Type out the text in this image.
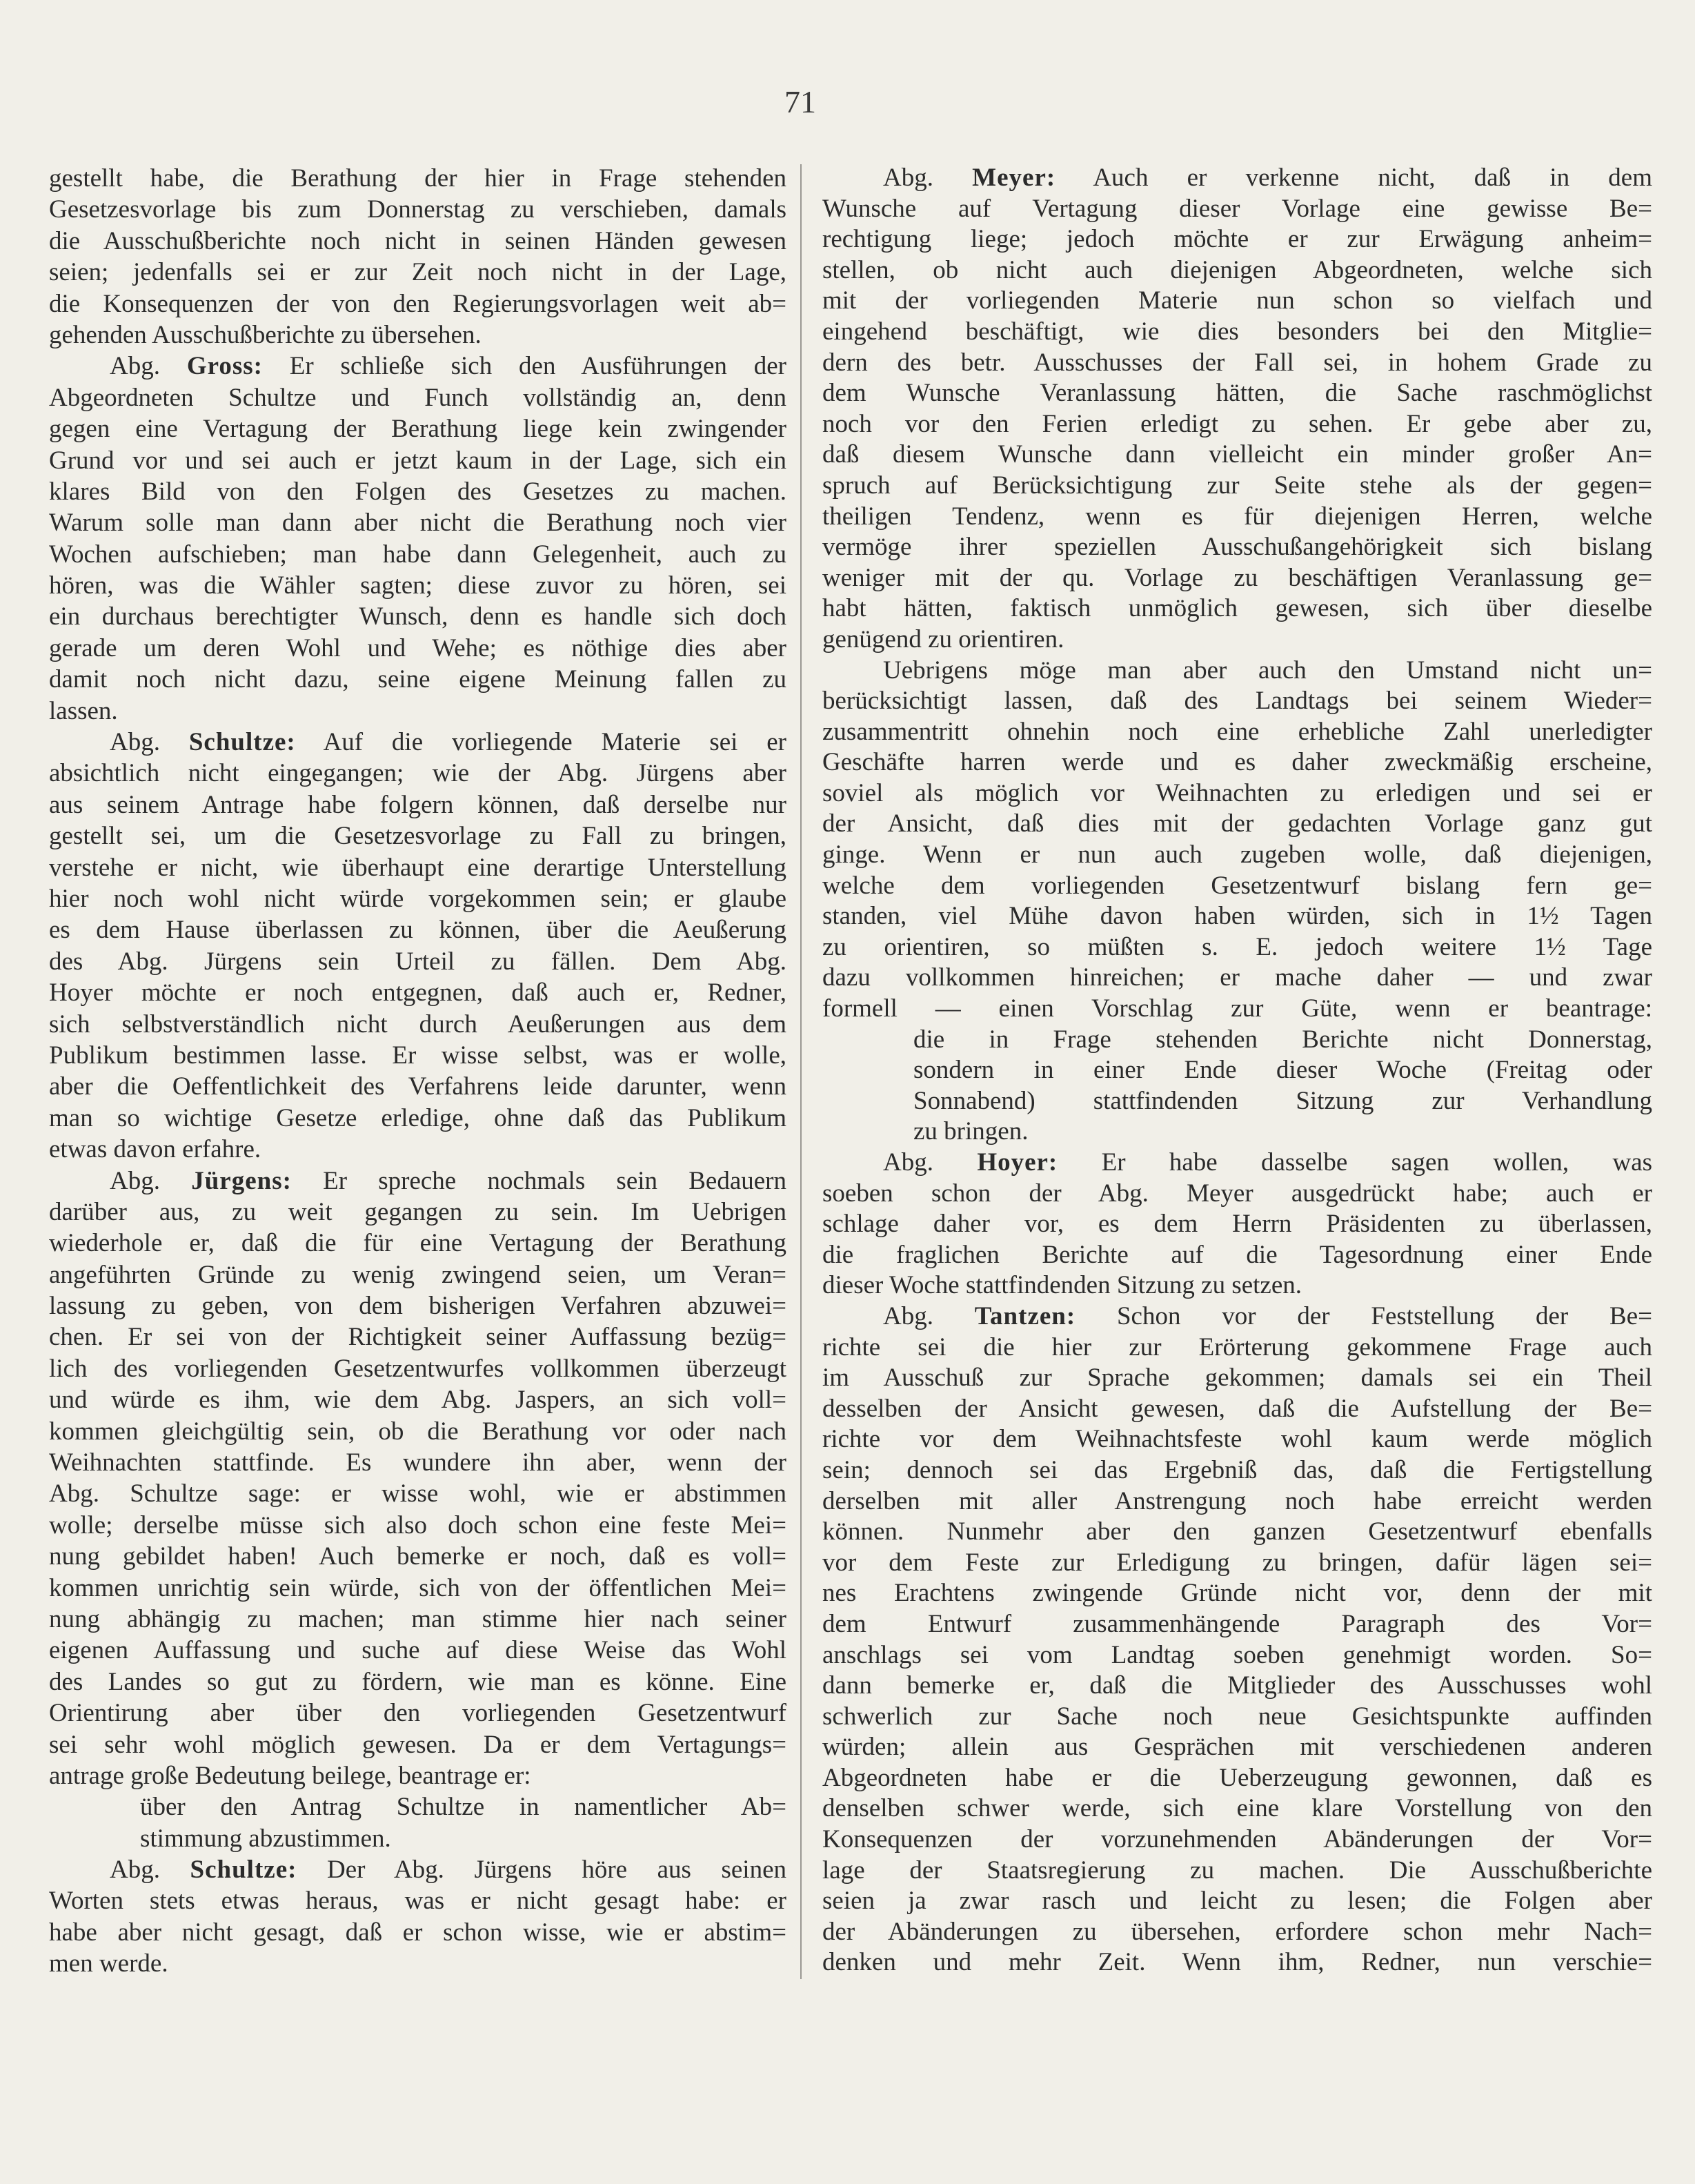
71
gestellt habe, die Berathung der hier in Frage stehenden
Gesetzesvorlage bis zum Donnerstag zu verschieben, damals
die Ausschußberichte noch nicht in seinen Händen gewesen
seien; jedenfalls sei er zur Zeit noch nicht in der Lage,
die Konsequenzen der von den Regierungsvorlagen weit ab=
gehenden Ausschußberichte zu übersehen.
Abg. Gross: Er schließe sich den Ausführungen der
Abgeordneten Schultze und Funch vollständig an, denn
gegen eine Vertagung der Berathung liege kein zwingender
Grund vor und sei auch er jetzt kaum in der Lage, sich ein
klares Bild von den Folgen des Gesetzes zu machen.
Warum solle man dann aber nicht die Berathung noch vier
Wochen aufschieben; man habe dann Gelegenheit, auch zu
hören, was die Wähler sagten; diese zuvor zu hören, sei
ein durchaus berechtigter Wunsch, denn es handle sich doch
gerade um deren Wohl und Wehe; es nöthige dies aber
damit noch nicht dazu, seine eigene Meinung fallen zu
lassen.
Abg. Schultze: Auf die vorliegende Materie sei er
absichtlich nicht eingegangen; wie der Abg. Jürgens aber
aus seinem Antrage habe folgern können, daß derselbe nur
gestellt sei, um die Gesetzesvorlage zu Fall zu bringen,
verstehe er nicht, wie überhaupt eine derartige Unterstellung
hier noch wohl nicht würde vorgekommen sein; er glaube
es dem Hause überlassen zu können, über die Aeußerung
des Abg. Jürgens sein Urteil zu fällen. Dem Abg.
Hoyer möchte er noch entgegnen, daß auch er, Redner,
sich selbstverständlich nicht durch Aeußerungen aus dem
Publikum bestimmen lasse. Er wisse selbst, was er wolle,
aber die Oeffentlichkeit des Verfahrens leide darunter, wenn
man so wichtige Gesetze erledige, ohne daß das Publikum
etwas davon erfahre.
Abg. Jürgens: Er spreche nochmals sein Bedauern
darüber aus, zu weit gegangen zu sein. Im Uebrigen
wiederhole er, daß die für eine Vertagung der Berathung
angeführten Gründe zu wenig zwingend seien, um Veran=
lassung zu geben, von dem bisherigen Verfahren abzuwei=
chen. Er sei von der Richtigkeit seiner Auffassung bezüg=
lich des vorliegenden Gesetzentwurfes vollkommen überzeugt
und würde es ihm, wie dem Abg. Jaspers, an sich voll=
kommen gleichgültig sein, ob die Berathung vor oder nach
Weihnachten stattfinde. Es wundere ihn aber, wenn der
Abg. Schultze sage: er wisse wohl, wie er abstimmen
wolle; derselbe müsse sich also doch schon eine feste Mei=
nung gebildet haben! Auch bemerke er noch, daß es voll=
kommen unrichtig sein würde, sich von der öffentlichen Mei=
nung abhängig zu machen; man stimme hier nach seiner
eigenen Auffassung und suche auf diese Weise das Wohl
des Landes so gut zu fördern, wie man es könne. Eine
Orientirung aber über den vorliegenden Gesetzentwurf
sei sehr wohl möglich gewesen. Da er dem Vertagungs=
antrage große Bedeutung beilege, beantrage er:
über den Antrag Schultze in namentlicher Ab=
stimmung abzustimmen.
Abg. Schultze: Der Abg. Jürgens höre aus seinen
Worten stets etwas heraus, was er nicht gesagt habe: er
habe aber nicht gesagt, daß er schon wisse, wie er abstim=
men werde.
Abg. Meyer: Auch er verkenne nicht, daß in dem
Wunsche auf Vertagung dieser Vorlage eine gewisse Be=
rechtigung liege; jedoch möchte er zur Erwägung anheim=
stellen, ob nicht auch diejenigen Abgeordneten, welche sich
mit der vorliegenden Materie nun schon so vielfach und
eingehend beschäftigt, wie dies besonders bei den Mitglie=
dern des betr. Ausschusses der Fall sei, in hohem Grade zu
dem Wunsche Veranlassung hätten, die Sache raschmöglichst
noch vor den Ferien erledigt zu sehen. Er gebe aber zu,
daß diesem Wunsche dann vielleicht ein minder großer An=
spruch auf Berücksichtigung zur Seite stehe als der gegen=
theiligen Tendenz, wenn es für diejenigen Herren, welche
vermöge ihrer speziellen Ausschußangehörigkeit sich bislang
weniger mit der qu. Vorlage zu beschäftigen Veranlassung ge=
habt hätten, faktisch unmöglich gewesen, sich über dieselbe
genügend zu orientiren.
Uebrigens möge man aber auch den Umstand nicht un=
berücksichtigt lassen, daß des Landtags bei seinem Wieder=
zusammentritt ohnehin noch eine erhebliche Zahl unerledigter
Geschäfte harren werde und es daher zweckmäßig erscheine,
soviel als möglich vor Weihnachten zu erledigen und sei er
der Ansicht, daß dies mit der gedachten Vorlage ganz gut
ginge. Wenn er nun auch zugeben wolle, daß diejenigen,
welche dem vorliegenden Gesetzentwurf bislang fern ge=
standen, viel Mühe davon haben würden, sich in 1½ Tagen
zu orientiren, so müßten s. E. jedoch weitere 1½ Tage
dazu vollkommen hinreichen; er mache daher — und zwar
formell — einen Vorschlag zur Güte, wenn er beantrage:
die in Frage stehenden Berichte nicht Donnerstag,
sondern in einer Ende dieser Woche (Freitag oder
Sonnabend) stattfindenden Sitzung zur Verhandlung
zu bringen.
Abg. Hoyer: Er habe dasselbe sagen wollen, was
soeben schon der Abg. Meyer ausgedrückt habe; auch er
schlage daher vor, es dem Herrn Präsidenten zu überlassen,
die fraglichen Berichte auf die Tagesordnung einer Ende
dieser Woche stattfindenden Sitzung zu setzen.
Abg. Tantzen: Schon vor der Feststellung der Be=
richte sei die hier zur Erörterung gekommene Frage auch
im Ausschuß zur Sprache gekommen; damals sei ein Theil
desselben der Ansicht gewesen, daß die Aufstellung der Be=
richte vor dem Weihnachtsfeste wohl kaum werde möglich
sein; dennoch sei das Ergebniß das, daß die Fertigstellung
derselben mit aller Anstrengung noch habe erreicht werden
können. Nunmehr aber den ganzen Gesetzentwurf ebenfalls
vor dem Feste zur Erledigung zu bringen, dafür lägen sei=
nes Erachtens zwingende Gründe nicht vor, denn der mit
dem Entwurf zusammenhängende Paragraph des Vor=
anschlags sei vom Landtag soeben genehmigt worden. So=
dann bemerke er, daß die Mitglieder des Ausschusses wohl
schwerlich zur Sache noch neue Gesichtspunkte auffinden
würden; allein aus Gesprächen mit verschiedenen anderen
Abgeordneten habe er die Ueberzeugung gewonnen, daß es
denselben schwer werde, sich eine klare Vorstellung von den
Konsequenzen der vorzunehmenden Abänderungen der Vor=
lage der Staatsregierung zu machen. Die Ausschußberichte
seien ja zwar rasch und leicht zu lesen; die Folgen aber
der Abänderungen zu übersehen, erfordere schon mehr Nach=
denken und mehr Zeit. Wenn ihm, Redner, nun verschie=
